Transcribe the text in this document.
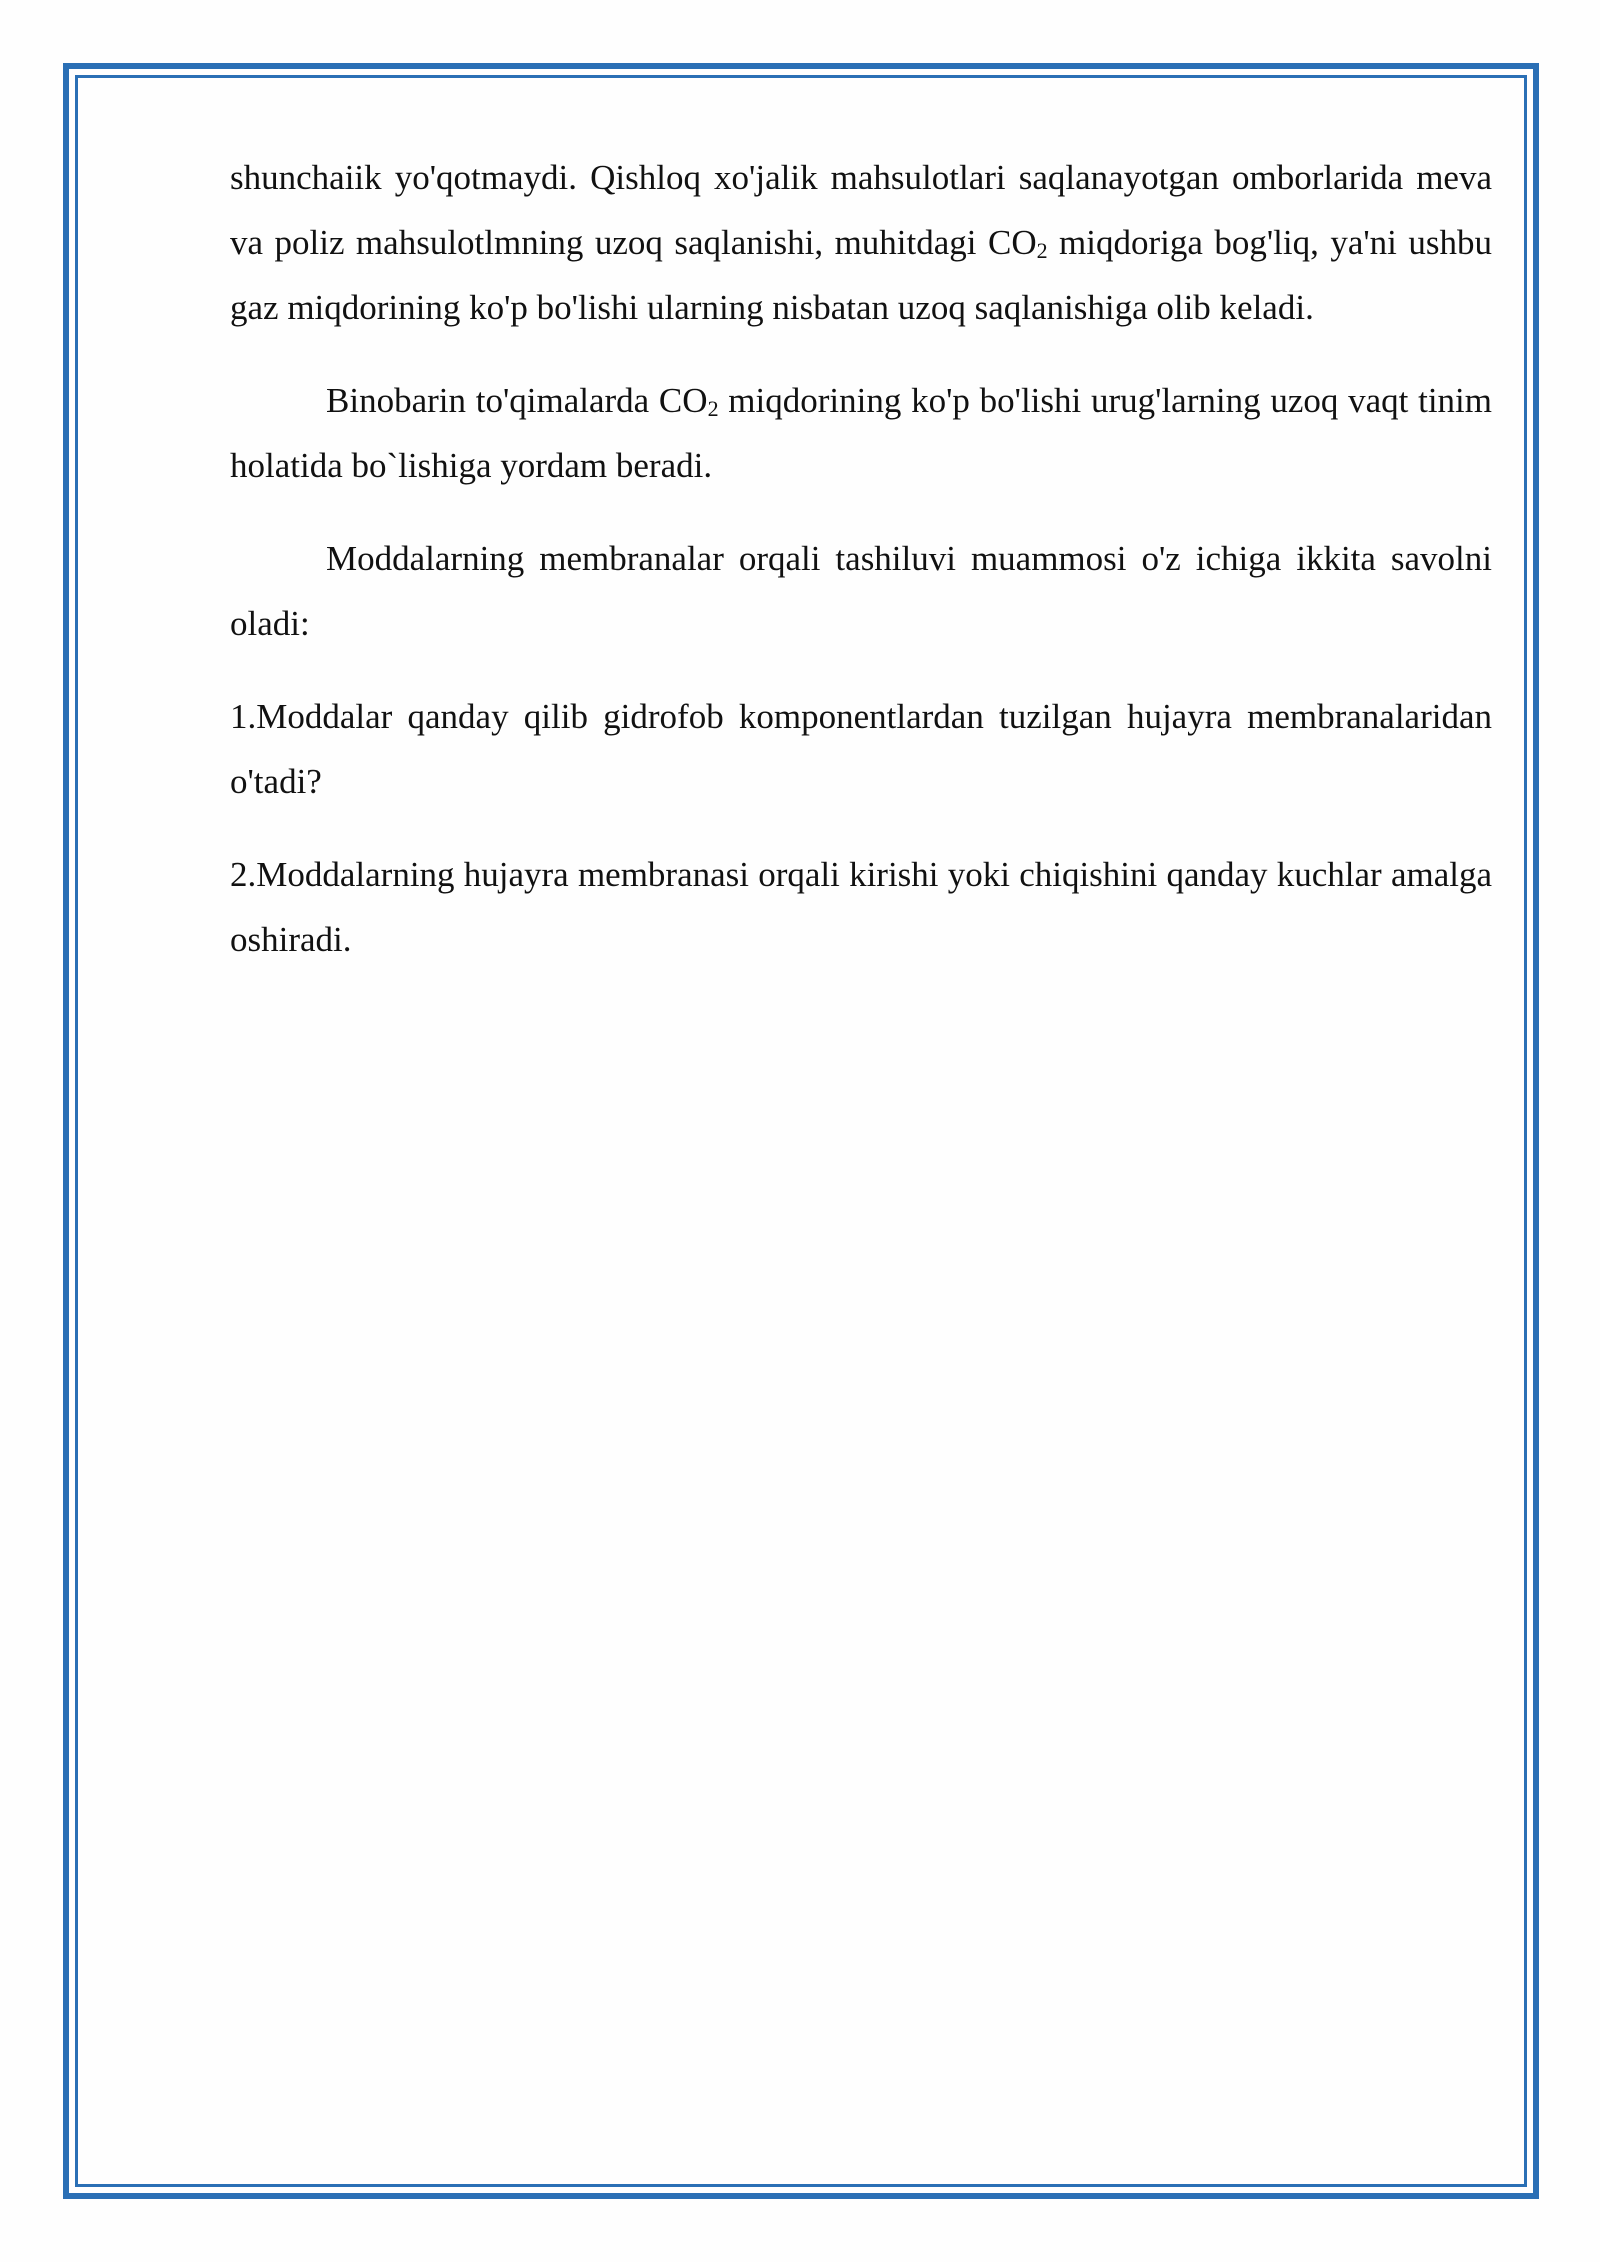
shunchaiik yo'qotmaydi. Qishloq xo'jalik mahsulotlari saqlanayotgan omborlarida meva va poliz mahsulotlmning uzoq saqlanishi, muhitdagi $CO_2$ miqdoriga bog'liq, ya'ni ushbu gaz miqdorining ko'p bo'lishi ularning nisbatan uzoq saqlanishiga olib keladi.

Binobarin to'qimalarda $CO_2$ miqdorining ko'p bo'lishi urug'larning uzoq vaqt tinim holatida bo`lishiga yordam beradi.

Moddalarning membranalar orqali tashiluvi muammosi o'z ichiga ikkita savolni oladi:

1.Moddalar qanday qilib gidrofob komponentlardan tuzilgan hujayra membranalaridan o'tadi?

2.Moddalarning hujayra membranasi orqali kirishi yoki chiqishini qanday kuchlar amalga oshiradi.
